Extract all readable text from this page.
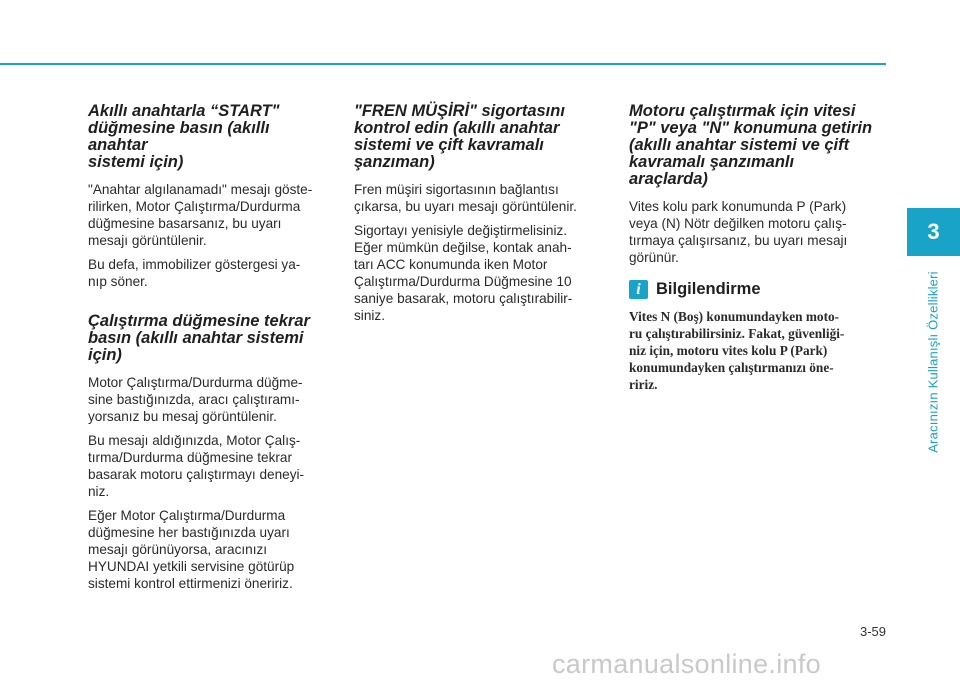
Akıllı anahtarla “START"
düğmesine basın (akıllı anahtar
sistemi için)

"Anahtar algılanamadı" mesajı göste-
rilirken, Motor Çalıştırma/Durdurma
düğmesine basarsanız, bu uyarı
mesajı görüntülenir.

Bu defa, immobilizer göstergesi ya-
nıp söner.

Çalıştırma düğmesine tekrar
basın (akıllı anahtar sistemi
için)

Motor Çalıştırma/Durdurma düğme-
sine bastığınızda, aracı çalıştıramı-
yorsanız bu mesaj görüntülenir.

Bu mesajı aldığınızda, Motor Çalış-
tırma/Durdurma düğmesine tekrar
basarak motoru çalıştırmayı deneyi-
niz.

Eğer Motor Çalıştırma/Durdurma
düğmesine her bastığınızda uyarı
mesajı görünüyorsa, aracınızı
HYUNDAI yetkili servisine götürüp
sistemi kontrol ettirmenizi öneririz.

"FREN MÜŞİRİ" sigortasını
kontrol edin (akıllı anahtar
sistemi ve çift kavramalı
şanzıman)

Fren müşiri sigortasının bağlantısı
çıkarsa, bu uyarı mesajı görüntülenir.

Sigortayı yenisiyle değiştirmelisiniz.
Eğer mümkün değilse, kontak anah-
tarı ACC konumunda iken Motor
Çalıştırma/Durdurma Düğmesine 10
saniye basarak, motoru çalıştırabilir-
siniz.

Motoru çalıştırmak için vitesi
"P" veya "N" konumuna getirin
(akıllı anahtar sistemi ve çift
kavramalı şanzımanlı araçlarda)

Vites kolu park konumunda P (Park)
veya (N) Nötr değilken motoru çalış-
tırmaya çalışırsanız, bu uyarı mesajı
görünür.

i Bilgilendirme

Vites N (Boş) konumundayken moto-
ru çalıştırabilirsiniz. Fakat, güvenliği-
niz için, motoru vites kolu P (Park)
konumundayken çalıştırmanızı öne-
ririz.

3
Aracınızın Kullanışlı Özellikleri
3-59
carmanualsonline.info
